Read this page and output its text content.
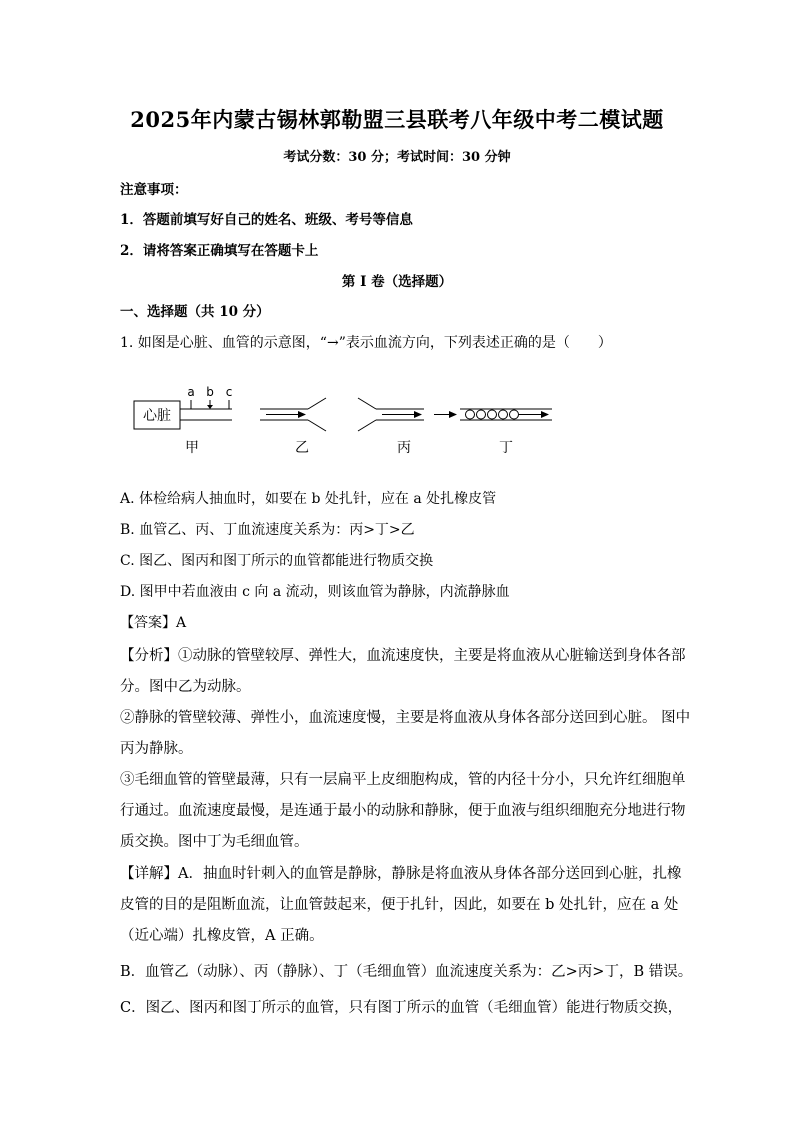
2025年内蒙古锡林郭勒盟三县联考八年级中考二模试题
考试分数：30 分；考试时间：30 分钟
注意事项：
1．答题前填写好自己的姓名、班级、考号等信息
2．请将答案正确填写在答题卡上
第 I 卷（选择题）
一、选择题（共 10 分）
1. 如图是心脏、血管的示意图，“→”表示血流方向，下列表述正确的是（　　）
心脏
a b c
甲	乙	丙	丁
A. 体检给病人抽血时，如要在 b 处扎针，应在 a 处扎橡皮管
B. 血管乙、丙、丁血流速度关系为：丙>丁>乙
C. 图乙、图丙和图丁所示的血管都能进行物质交换
D. 图甲中若血液由 c 向 a 流动，则该血管为静脉，内流静脉血
【答案】A
【分析】①动脉的管壁较厚、弹性大，血流速度快，主要是将血液从心脏输送到身体各部
分。图中乙为动脉。
②静脉的管壁较薄、弹性小，血流速度慢，主要是将血液从身体各部分送回到心脏。 图中
丙为静脉。
③毛细血管的管壁最薄，只有一层扁平上皮细胞构成，管的内径十分小，只允许红细胞单
行通过。血流速度最慢，是连通于最小的动脉和静脉，便于血液与组织细胞充分地进行物
质交换。图中丁为毛细血管。
【详解】A．抽血时针刺入的血管是静脉，静脉是将血液从身体各部分送回到心脏，扎橡
皮管的目的是阻断血流，让血管鼓起来，便于扎针，因此，如要在 b 处扎针，应在 a 处
（近心端）扎橡皮管，A 正确。
B．血管乙（动脉）、丙（静脉）、丁（毛细血管）血流速度关系为：乙>丙>丁，B 错误。
C．图乙、图丙和图丁所示的血管，只有图丁所示的血管（毛细血管）能进行物质交换，
